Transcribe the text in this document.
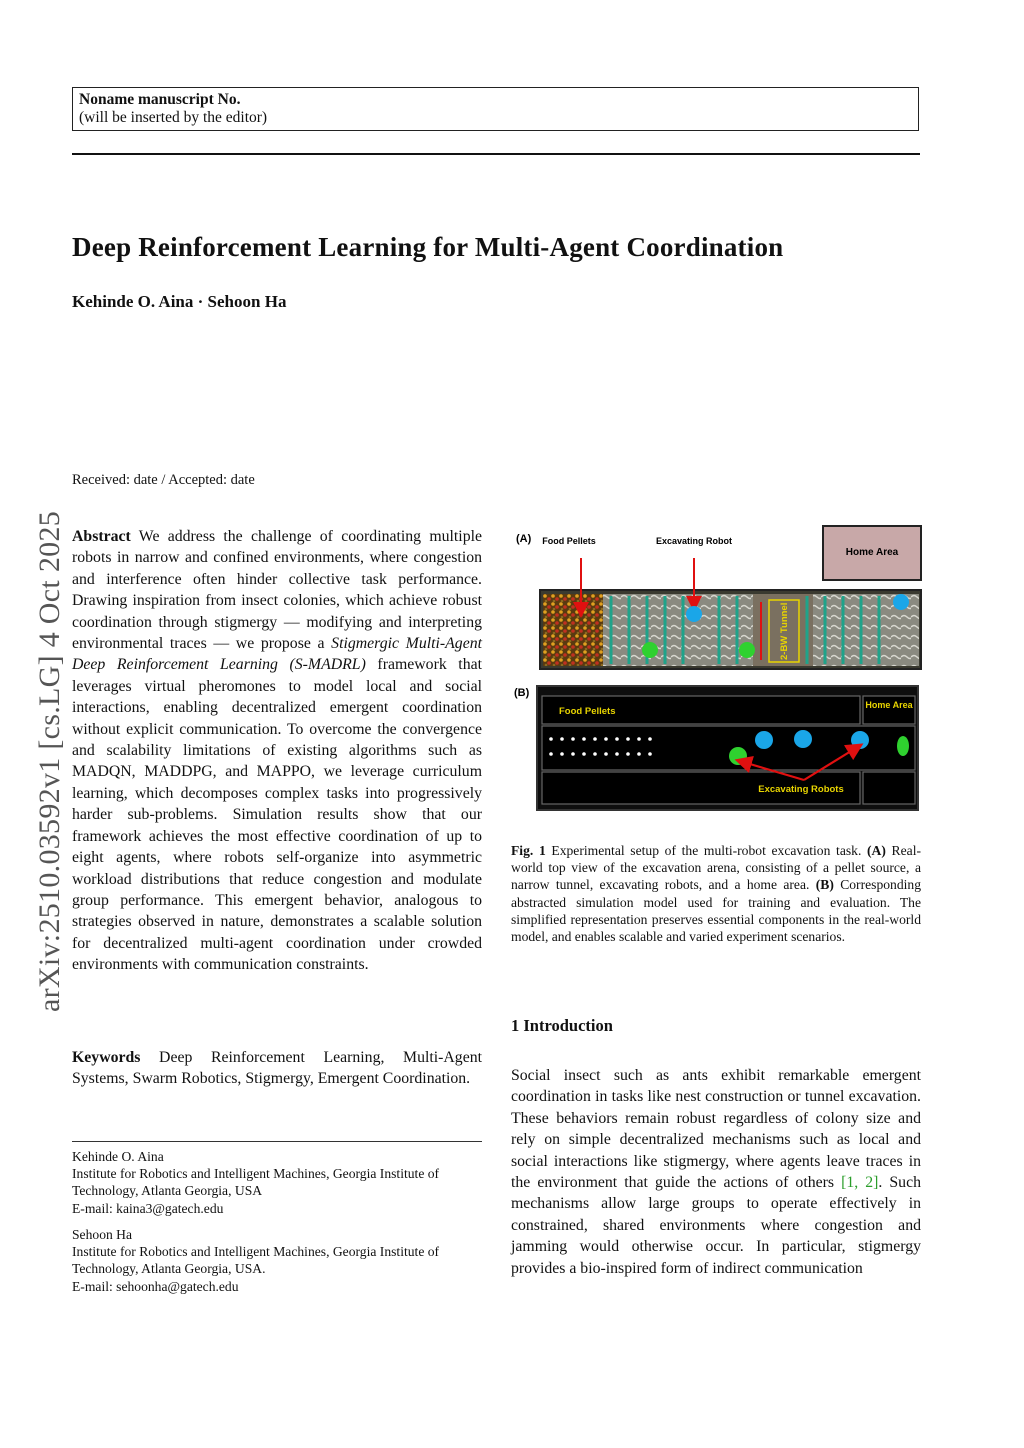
Noname manuscript No.
(will be inserted by the editor)
Deep Reinforcement Learning for Multi-Agent Coordination
Kehinde O. Aina · Sehoon Ha
arXiv:2510.03592v1 [cs.LG] 4 Oct 2025
Received: date / Accepted: date
Abstract We address the challenge of coordinating multiple robots in narrow and confined environments, where congestion and interference often hinder collective task performance. Drawing inspiration from insect colonies, which achieve robust coordination through stigmergy — modifying and interpreting environmental traces — we propose a Stigmergic Multi-Agent Deep Reinforcement Learning (S-MADRL) framework that leverages virtual pheromones to model local and social interactions, enabling decentralized emergent coordination without explicit communication. To overcome the convergence and scalability limitations of existing algorithms such as MADQN, MADDPG, and MAPPO, we leverage curriculum learning, which decomposes complex tasks into progressively harder sub-problems. Simulation results show that our framework achieves the most effective coordination of up to eight agents, where robots self-organize into asymmetric workload distributions that reduce congestion and modulate group performance. This emergent behavior, analogous to strategies observed in nature, demonstrates a scalable solution for decentralized multi-agent coordination under crowded environments with communication constraints.
Keywords Deep Reinforcement Learning, Multi-Agent Systems, Swarm Robotics, Stigmergy, Emergent Coordination.
Kehinde O. Aina
Institute for Robotics and Intelligent Machines, Georgia Institute of Technology, Atlanta Georgia, USA
E-mail: kaina3@gatech.edu
Sehoon Ha
Institute for Robotics and Intelligent Machines, Georgia Institute of Technology, Atlanta Georgia, USA.
E-mail: sehoonha@gatech.edu
(A) Food Pellets	Excavating Robot
Home Area
2-BW Tunnel
(B)
Food Pellets
Home Area
Excavating Robots
Fig. 1 Experimental setup of the multi-robot excavation task. (A) Real-world top view of the excavation arena, consisting of a pellet source, a narrow tunnel, excavating robots, and a home area. (B) Corresponding abstracted simulation model used for training and evaluation. The simplified representation preserves essential components in the real-world model, and enables scalable and varied experiment scenarios.
1 Introduction
Social insect such as ants exhibit remarkable emergent coordination in tasks like nest construction or tunnel excavation. These behaviors remain robust regardless of colony size and rely on simple decentralized mechanisms such as local and social interactions like stigmergy, where agents leave traces in the environment that guide the actions of others [1, 2]. Such mechanisms allow large groups to operate effectively in constrained, shared environments where congestion and jamming would otherwise occur. In particular, stigmergy provides a bio-inspired form of indirect communication
